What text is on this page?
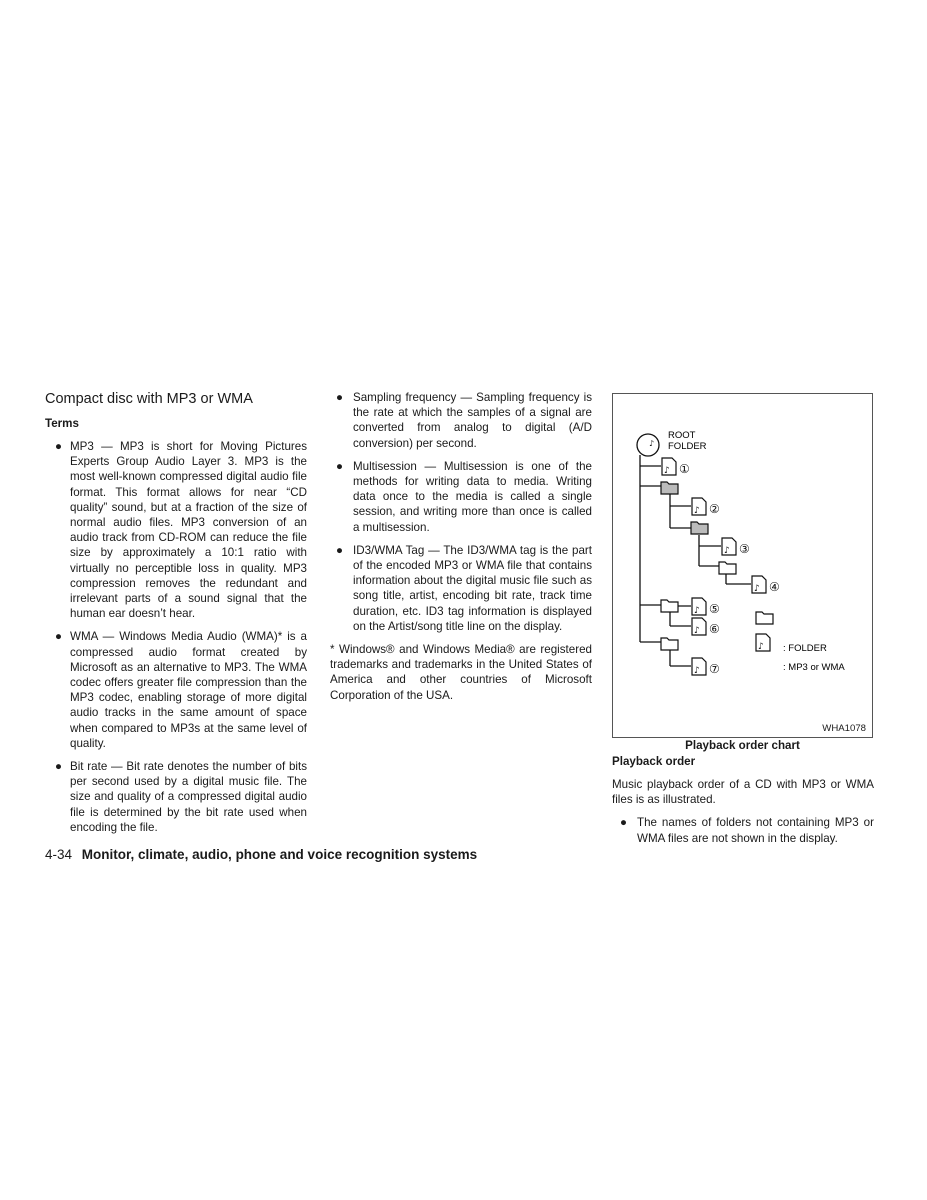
Compact disc with MP3 or WMA
Terms
● MP3 — MP3 is short for Moving Pictures Experts Group Audio Layer 3. MP3 is the most well-known compressed digital audio file format. This format allows for near “CD quality” sound, but at a fraction of the size of normal audio files. MP3 conversion of an audio track from CD-ROM can reduce the file size by approximately a 10:1 ratio with virtually no perceptible loss in quality. MP3 compression removes the redundant and irrelevant parts of a sound signal that the human ear doesn’t hear.
● WMA — Windows Media Audio (WMA)* is a compressed audio format created by Microsoft as an alternative to MP3. The WMA codec offers greater file compression than the MP3 codec, enabling storage of more digital audio tracks in the same amount of space when compared to MP3s at the same level of quality.
● Bit rate — Bit rate denotes the number of bits per second used by a digital music file. The size and quality of a compressed digital audio file is determined by the bit rate used when encoding the file.
● Sampling frequency — Sampling frequency is the rate at which the samples of a signal are converted from analog to digital (A/D conversion) per second.
● Multisession — Multisession is one of the methods for writing data to media. Writing data once to the media is called a single session, and writing more than once is called a multisession.
● ID3/WMA Tag — The ID3/WMA tag is the part of the encoded MP3 or WMA file that contains information about the digital music file such as song title, artist, encoding bit rate, track time duration, etc. ID3 tag information is displayed on the Artist/song title line on the display.

* Windows® and Windows Media® are registered trademarks and trademarks in the United States of America and other countries of Microsoft Corporation of the USA.

♪
♪
♪
♪
♪
♪
♪
♪
♪
①
②
③
④
⑤
⑥
⑦
ROOT
FOLDER
: FOLDER
: MP3 or WMA
WHA1078
Playback order chart
Playback order

Music playback order of a CD with MP3 or WMA files is as illustrated.

● The names of folders not containing MP3 or WMA files are not shown in the display.
4-34 Monitor, climate, audio, phone and voice recognition systems
